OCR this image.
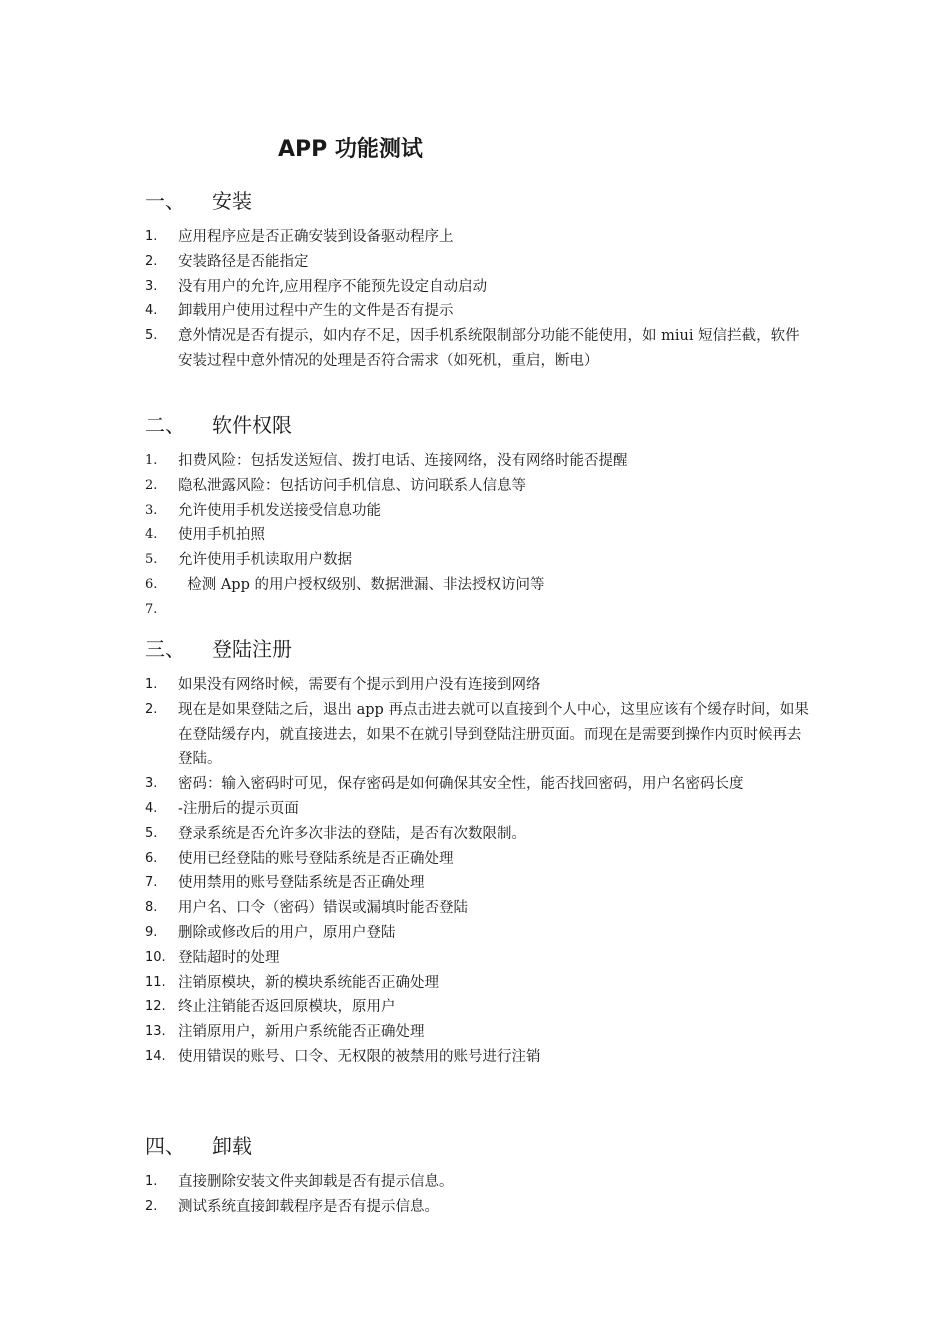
APP 功能测试
一、 安装
1. 应用程序应是否正确安装到设备驱动程序上
2. 安装路径是否能指定
3. 没有用户的允许,应用程序不能预先设定自动启动
4. 卸载用户使用过程中产生的文件是否有提示
5. 意外情况是否有提示，如内存不足，因手机系统限制部分功能不能使用，如 miui 短信拦截，软件安装过程中意外情况的处理是否符合需求（如死机，重启，断电）
二、 软件权限
1. 扣费风险：包括发送短信、拨打电话、连接网络，没有网络时能否提醒
2. 隐私泄露风险：包括访问手机信息、访问联系人信息等
3. 允许使用手机发送接受信息功能
4. 使用手机拍照
5. 允许使用手机读取用户数据
6. 检测 App 的用户授权级别、数据泄漏、非法授权访问等
7.

三、 登陆注册
1. 如果没有网络时候，需要有个提示到用户没有连接到网络
2. 现在是如果登陆之后，退出 app 再点击进去就可以直接到个人中心，这里应该有个缓存时间，如果在登陆缓存内，就直接进去，如果不在就引导到登陆注册页面。而现在是需要到操作内页时候再去登陆。
3. 密码：输入密码时可见，保存密码是如何确保其安全性，能否找回密码，用户名密码长度
4. -注册后的提示页面
5. 登录系统是否允许多次非法的登陆，是否有次数限制。
6. 使用已经登陆的账号登陆系统是否正确处理
7. 使用禁用的账号登陆系统是否正确处理
8. 用户名、口令（密码）错误或漏填时能否登陆
9. 删除或修改后的用户，原用户登陆
10. 登陆超时的处理
11. 注销原模块，新的模块系统能否正确处理
12. 终止注销能否返回原模块，原用户
13. 注销原用户，新用户系统能否正确处理
14. 使用错误的账号、口令、无权限的被禁用的账号进行注销
四、 卸载
1. 直接删除安装文件夹卸载是否有提示信息。
2. 测试系统直接卸载程序是否有提示信息。
